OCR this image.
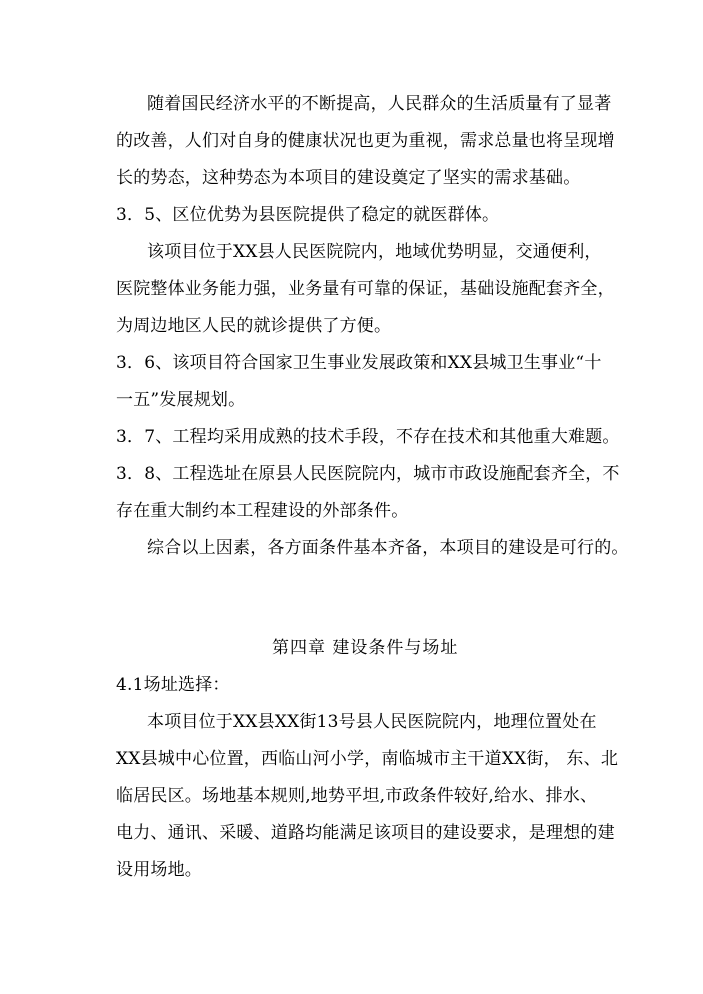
随着国民经济水平的不断提高，人民群众的生活质量有了显著
的改善，人们对自身的健康状况也更为重视，需求总量也将呈现增
长的势态，这种势态为本项目的建设奠定了坚实的需求基础。
3．5、区位优势为县医院提供了稳定的就医群体。
该项目位于XX县人民医院院内，地域优势明显，交通便利，
医院整体业务能力强，业务量有可靠的保证，基础设施配套齐全，
为周边地区人民的就诊提供了方便。
3．6、该项目符合国家卫生事业发展政策和XX县城卫生事业“十
一五”发展规划。
3．7、工程均采用成熟的技术手段，不存在技术和其他重大难题。
3．8、工程选址在原县人民医院院内，城市市政设施配套齐全，不
存在重大制约本工程建设的外部条件。
综合以上因素，各方面条件基本齐备，本项目的建设是可行的。
第四章 建设条件与场址
4.1场址选择：
本项目位于XX县XX街13号县人民医院院内，地理位置处在
XX县城中心位置，西临山河小学，南临城市主干道XX街， 东、北
临居民区。场地基本规则,地势平坦,市政条件较好,给水、排水、
电力、通讯、采暖、道路均能满足该项目的建设要求，是理想的建
设用场地。
